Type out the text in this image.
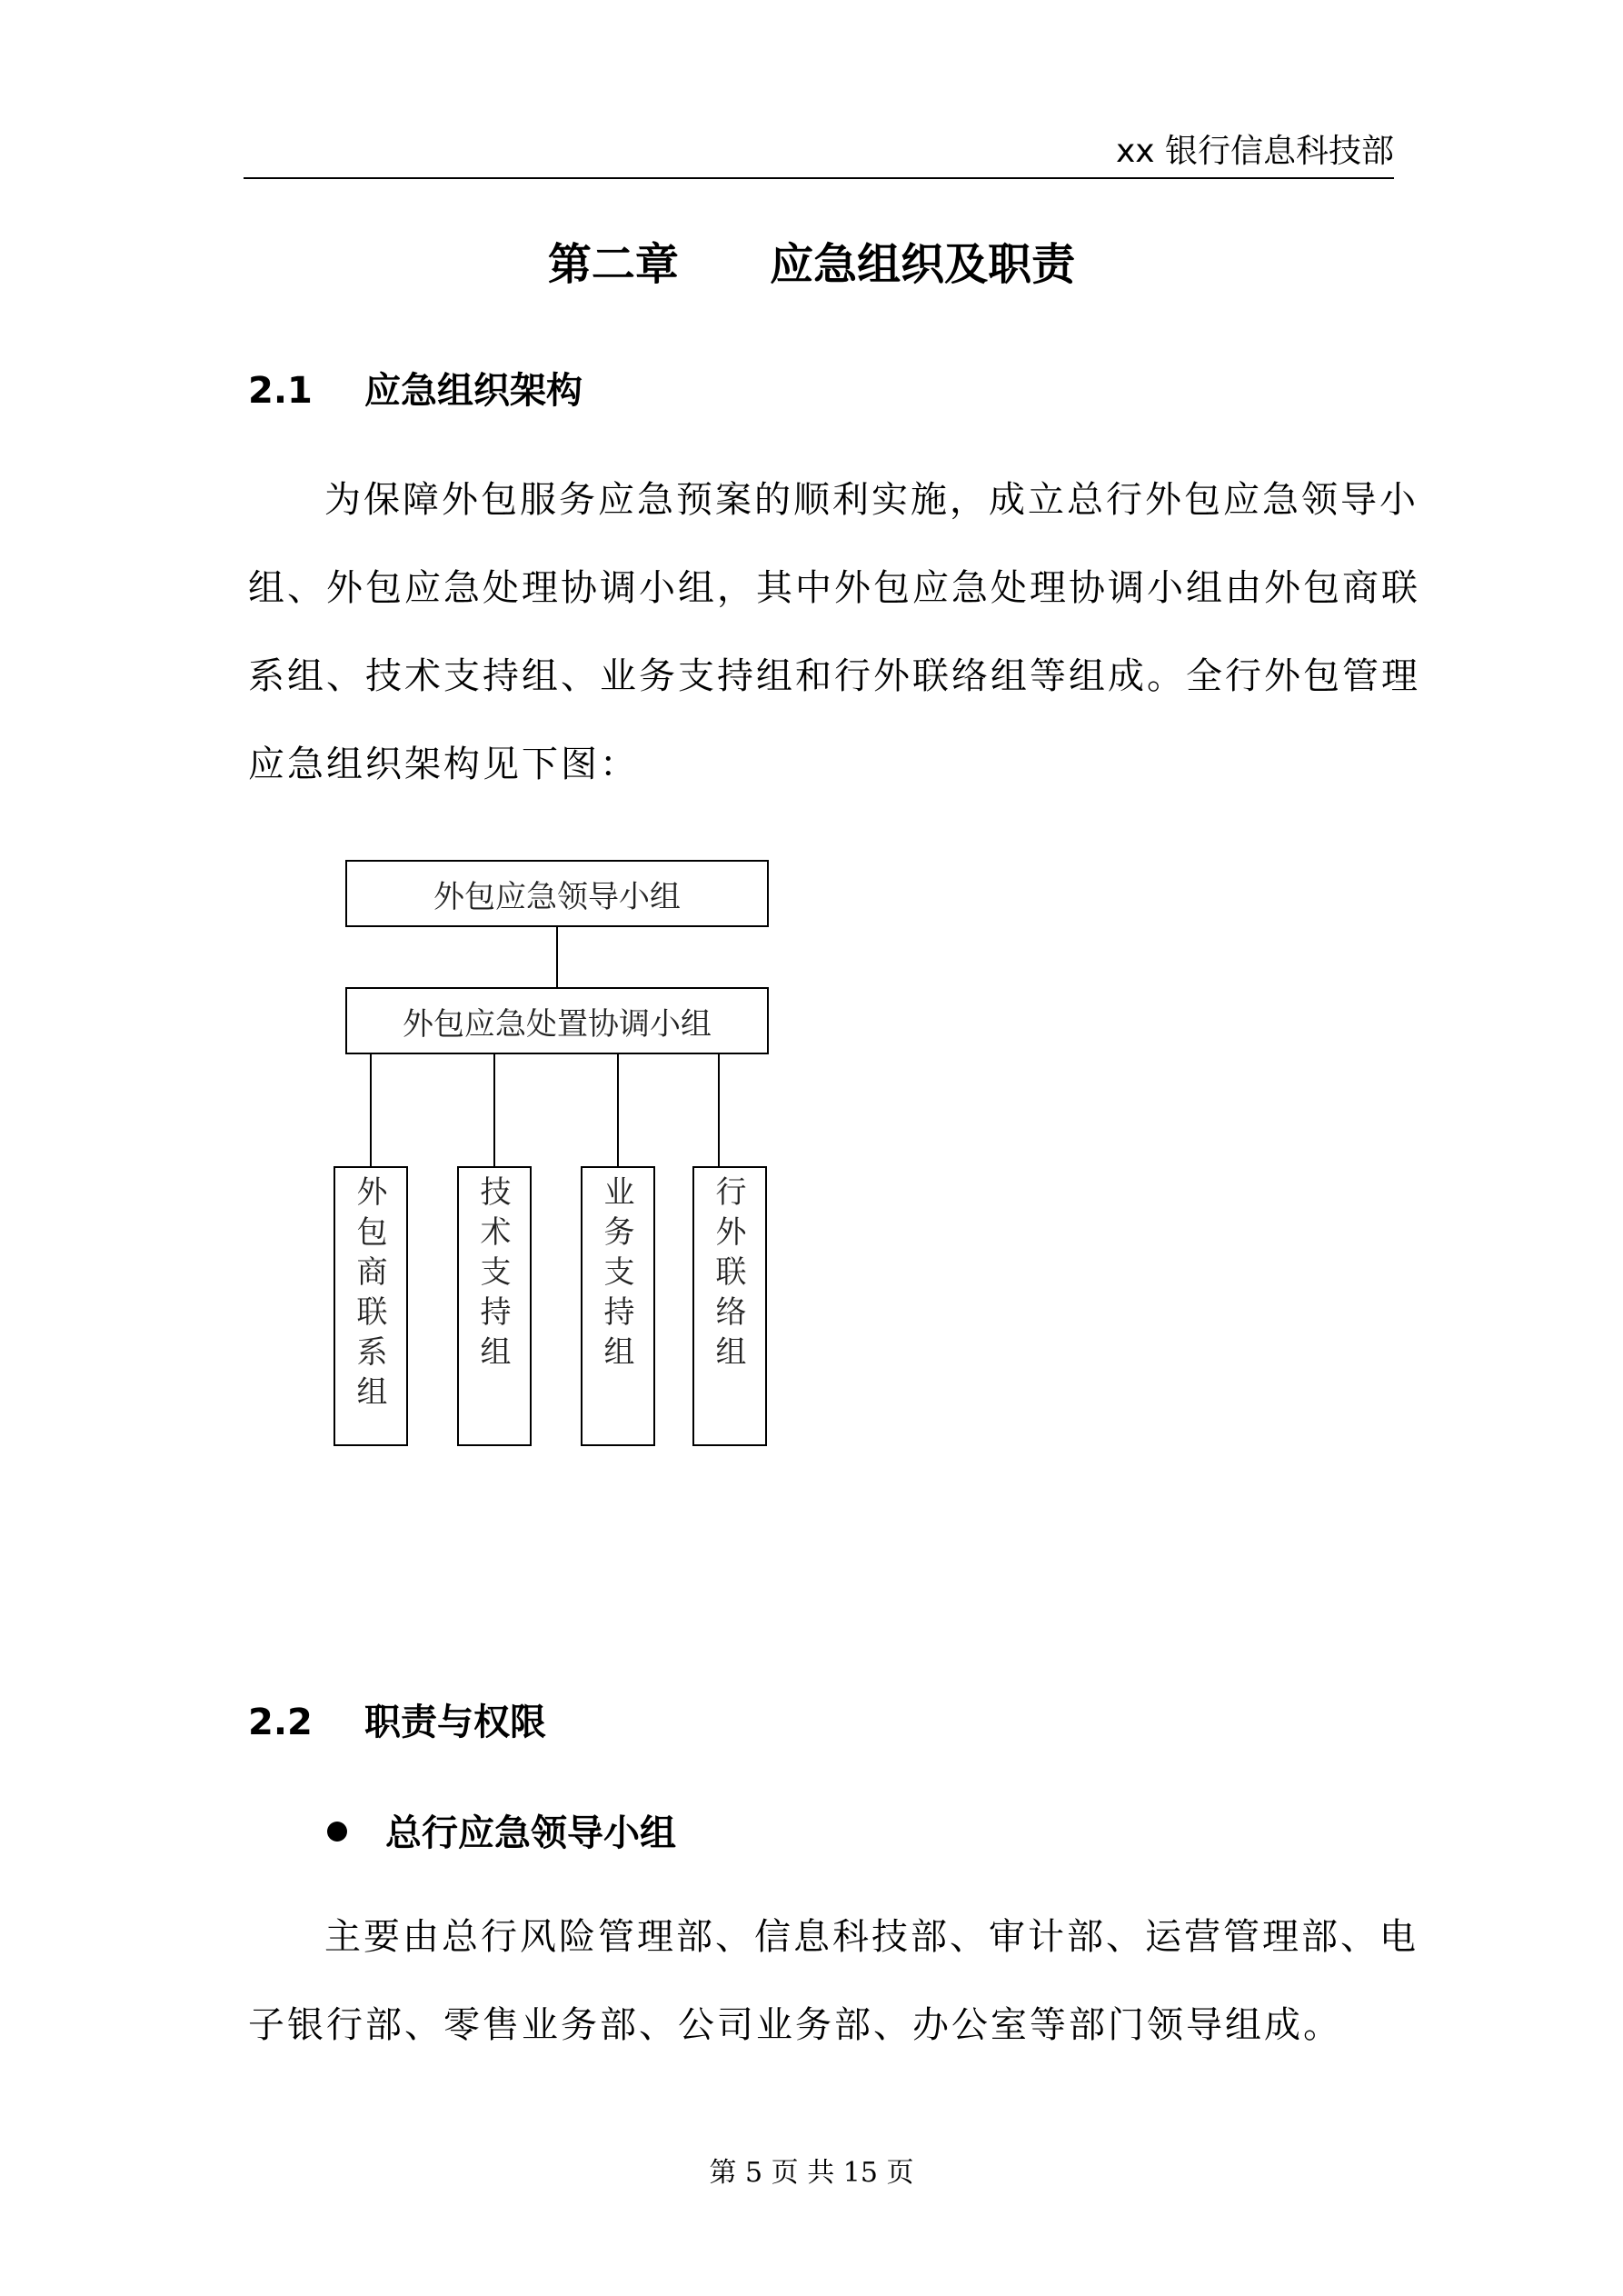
xx 银行信息科技部
第二章      应急组织及职责
2.1 应急组织架构
为保障外包服务应急预案的顺利实施，成立总行外包应急领导小
组、外包应急处理协调小组，其中外包应急处理协调小组由外包商联
系组、技术支持组、业务支持组和行外联络组等组成。全行外包管理
应急组织架构见下图：
外包应急领导小组
外包应急处置协调小组
外包商联系组	技术支持组	业务支持组	行外联络组
2.2 职责与权限
总行应急领导小组
主要由总行风险管理部、信息科技部、审计部、运营管理部、电
子银行部、零售业务部、公司业务部、办公室等部门领导组成。
第 5 页 共 15 页
